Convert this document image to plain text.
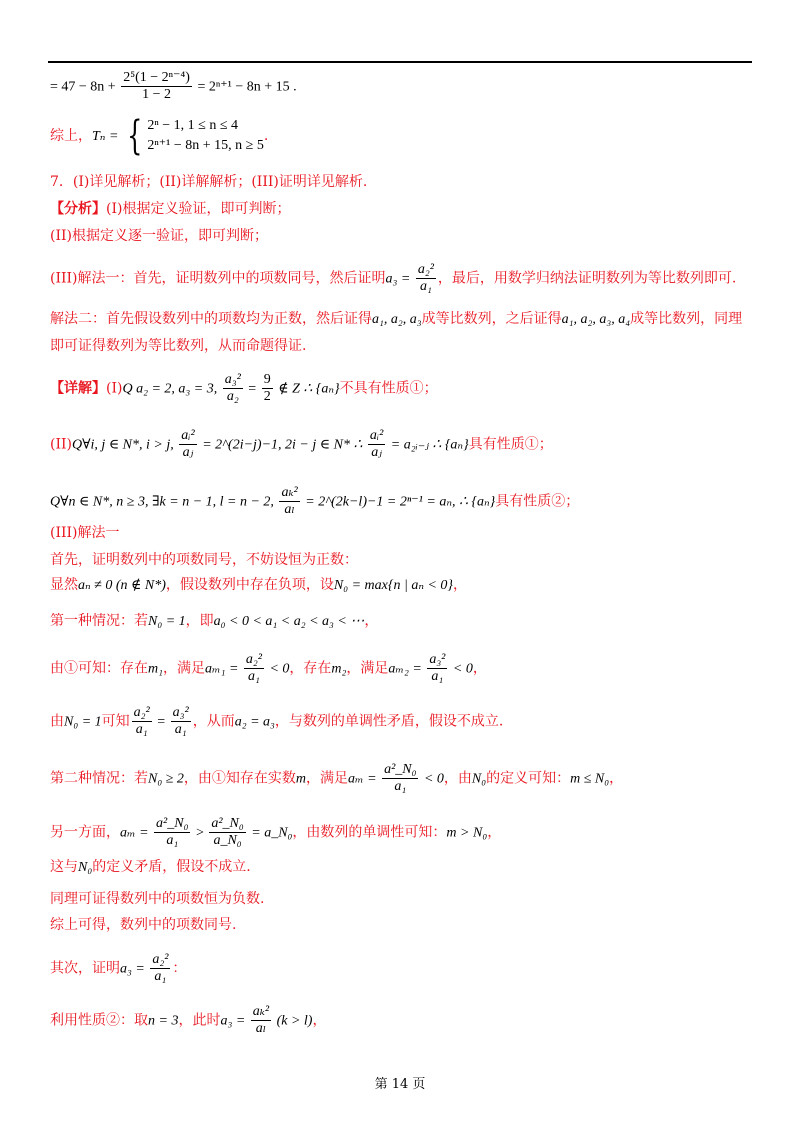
= $47 - 8n + \frac{\text{2⁵(1 − 2ⁿ⁻⁴)}}{1 - 2} = 2^{n+1} - 8n + 15$ .
综上，Tₙ = { 2ⁿ − 1, 1 ≤ n ≤ 4
2ⁿ⁺¹ − 8n + 15, n ≥ 5
.
7．(I)详见解析；(II)详解解析；(III)证明详见解析.
【分析】(I)根据定义验证，即可判断；
(II)根据定义逐一验证，即可判断；
(III)解法一：首先，证明数列中的项数同号，然后证明$a_3 = \frac{\text{a₂²}}{\text{a₁}}$ ，最后，用数学归纳法证明数列为等比数列即可.
解法二：首先假设数列中的项数均为正数，然后证得a₁, a₂, a₃成等比数列，之后证得a₁, a₂, a₃, a₄成等比数列，同理
即可证得数列为等比数列，从而命题得证.
【详解】(I)Q a₂ = 2, a₃ = 3, $\frac{\text{a₃²}}{\text{a₂}} = \frac{9}{2}$ ∉ Z ∴ {aₙ}不具有性质①；
(II)Q∀i, j ∈ N*, i > j, $\frac{\text{aᵢ²}}{\text{aⱼ}}$ = 2^(2i−j)−1, 2i − j ∈ N* ∴ $\frac{\text{aᵢ²}}{\text{aⱼ}}$ = a₂ᵢ₋ⱼ ∴ {aₙ}具有性质①；
Q∀n ∈ N*, n ≥ 3, ∃k = n − 1, l = n − 2, $\frac{\text{aₖ²}}{\text{aₗ}}$ = 2^(2k−l)−1 = 2ⁿ⁻¹ = aₙ, ∴ {aₙ}具有性质②；
(III)解法一
首先，证明数列中的项数同号，不妨设恒为正数：
显然aₙ ≠ 0 (n ∉ N*)，假设数列中存在负项，设N₀ = max{n | aₙ < 0}，
第一种情况：若N₀ = 1，即a₀ < 0 < a₁ < a₂ < a₃ < ⋯，
由①可知：存在m₁，满足$a_{m1} = \frac{\text{a₂²}}{\text{a₁}} < 0$，存在m₂，满足$a_{m2} = \frac{\text{a₃²}}{\text{a₁}} < 0$，
由N₀ = 1可知 $\frac{\text{a₂²}}{\text{a₁}} = \frac{\text{a₃²}}{\text{a₁}}$ ，从而a₂ = a₃，与数列的单调性矛盾，假设不成立.
第二种情况：若N₀ ≥ 2，由①知存在实数m，满足$a_m = \frac{\text{a²\_N₀}}{\text{a₁}} < 0$，由N₀的定义可知：m ≤ N₀，
另一方面，$a_m = \frac{\text{a²\_N₀}}{\text{a₁}} > \frac{\text{a²\_N₀}}{\text{a\_N₀}}$ = a_N₀，由数列的单调性可知：m > N₀，
这与N₀的定义矛盾，假设不成立.
同理可证得数列中的项数恒为负数.
综上可得，数列中的项数同号.
其次，证明$a_3 = \frac{\text{a₂²}}{\text{a₁}}$ ：
利用性质②：取n = 3，此时$a_3 = \frac{\text{aₖ²}}{\text{aₗ}} (k > l)$，
第 14 页
